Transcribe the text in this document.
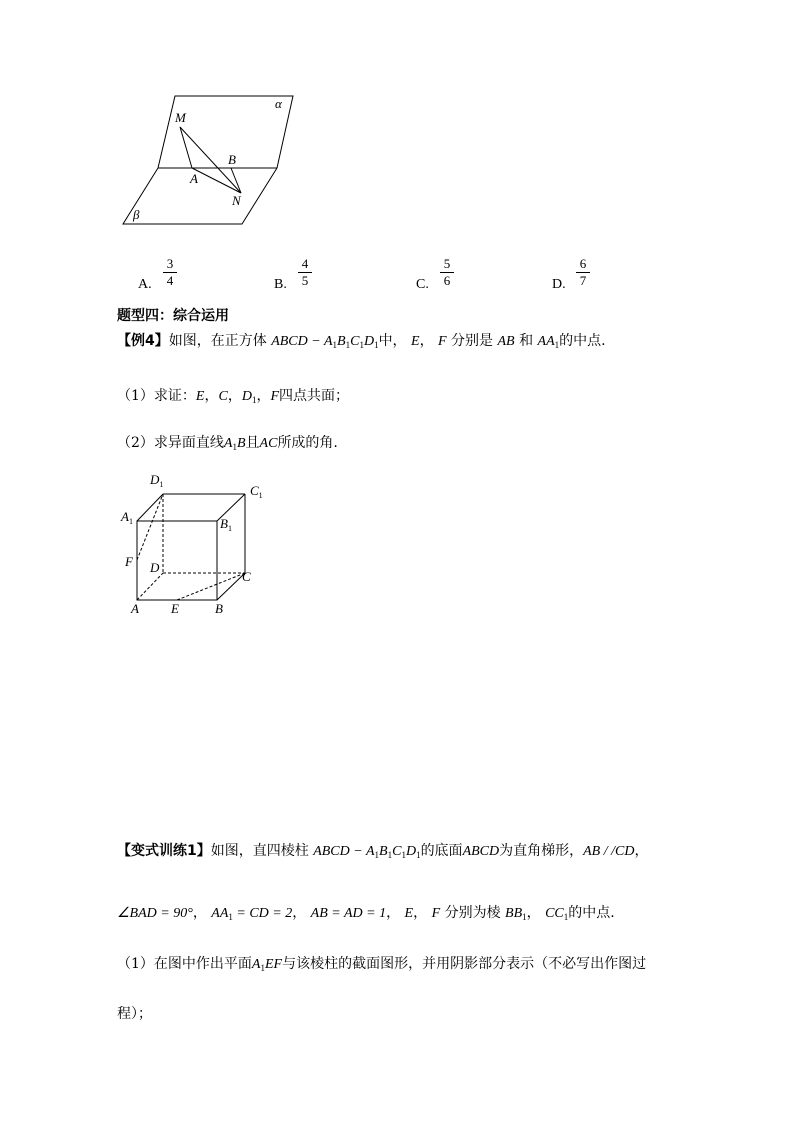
M
A
B
N
α
β
A. $\frac{3}{4}$	B. $\frac{4}{5}$	C. $\frac{5}{6}$	D. $\frac{6}{7}$
题型四：综合运用
【例4】如图，在正方体 ABCD − $A_1B_1C_1D_1$中， E， F 分别是 AB 和 $AA_1$的中点.
（1）求证：E，C，$D_1$，F四点共面；
（2）求异面直线$A_1B$且AC所成的角.
$D_1$	$C_1$
$A_1$	$B_1$
F D
C
A E	B
【变式训练1】如图，直四棱柱 ABCD − $A_1B_1C_1D_1$的底面ABCD为直角梯形，AB / /CD，
∠BAD = 90°， $AA_1$ = CD = 2， AB = AD = 1， E， F 分别为棱 $BB_1$， $CC_1$的中点.
（1）在图中作出平面$A_1EF$与该棱柱的截面图形，并用阴影部分表示（不必写出作图过
程）；
